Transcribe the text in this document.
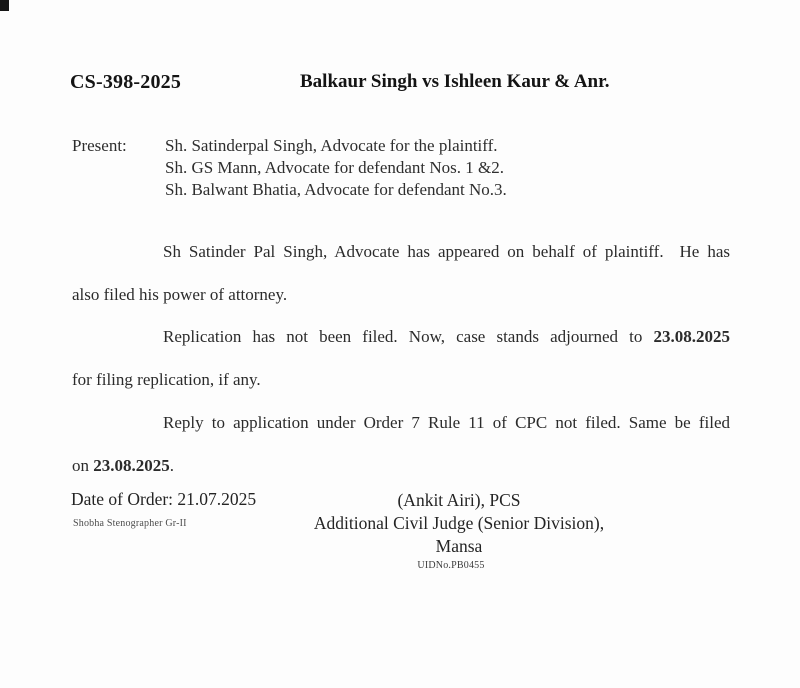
CS-398-2025	Balkaur Singh vs Ishleen Kaur & Anr.
Present:	Sh. Satinderpal Singh, Advocate for the plaintiff.
Sh. GS Mann, Advocate for defendant Nos. 1 &2.
Sh. Balwant Bhatia, Advocate for defendant No.3.
Sh Satinder Pal Singh, Advocate has appeared on behalf of plaintiff.  He has
also filed his power of attorney.
Replication has not been filed. Now, case stands adjourned to 23.08.2025
for filing replication, if any.
Reply to application under Order 7 Rule 11 of CPC not filed. Same be filed
on 23.08.2025.
Date of Order: 21.07.2025
Shobha Stenographer Gr-II
(Ankit Airi), PCS
Additional Civil Judge (Senior Division),
Mansa
UIDNo.PB0455
